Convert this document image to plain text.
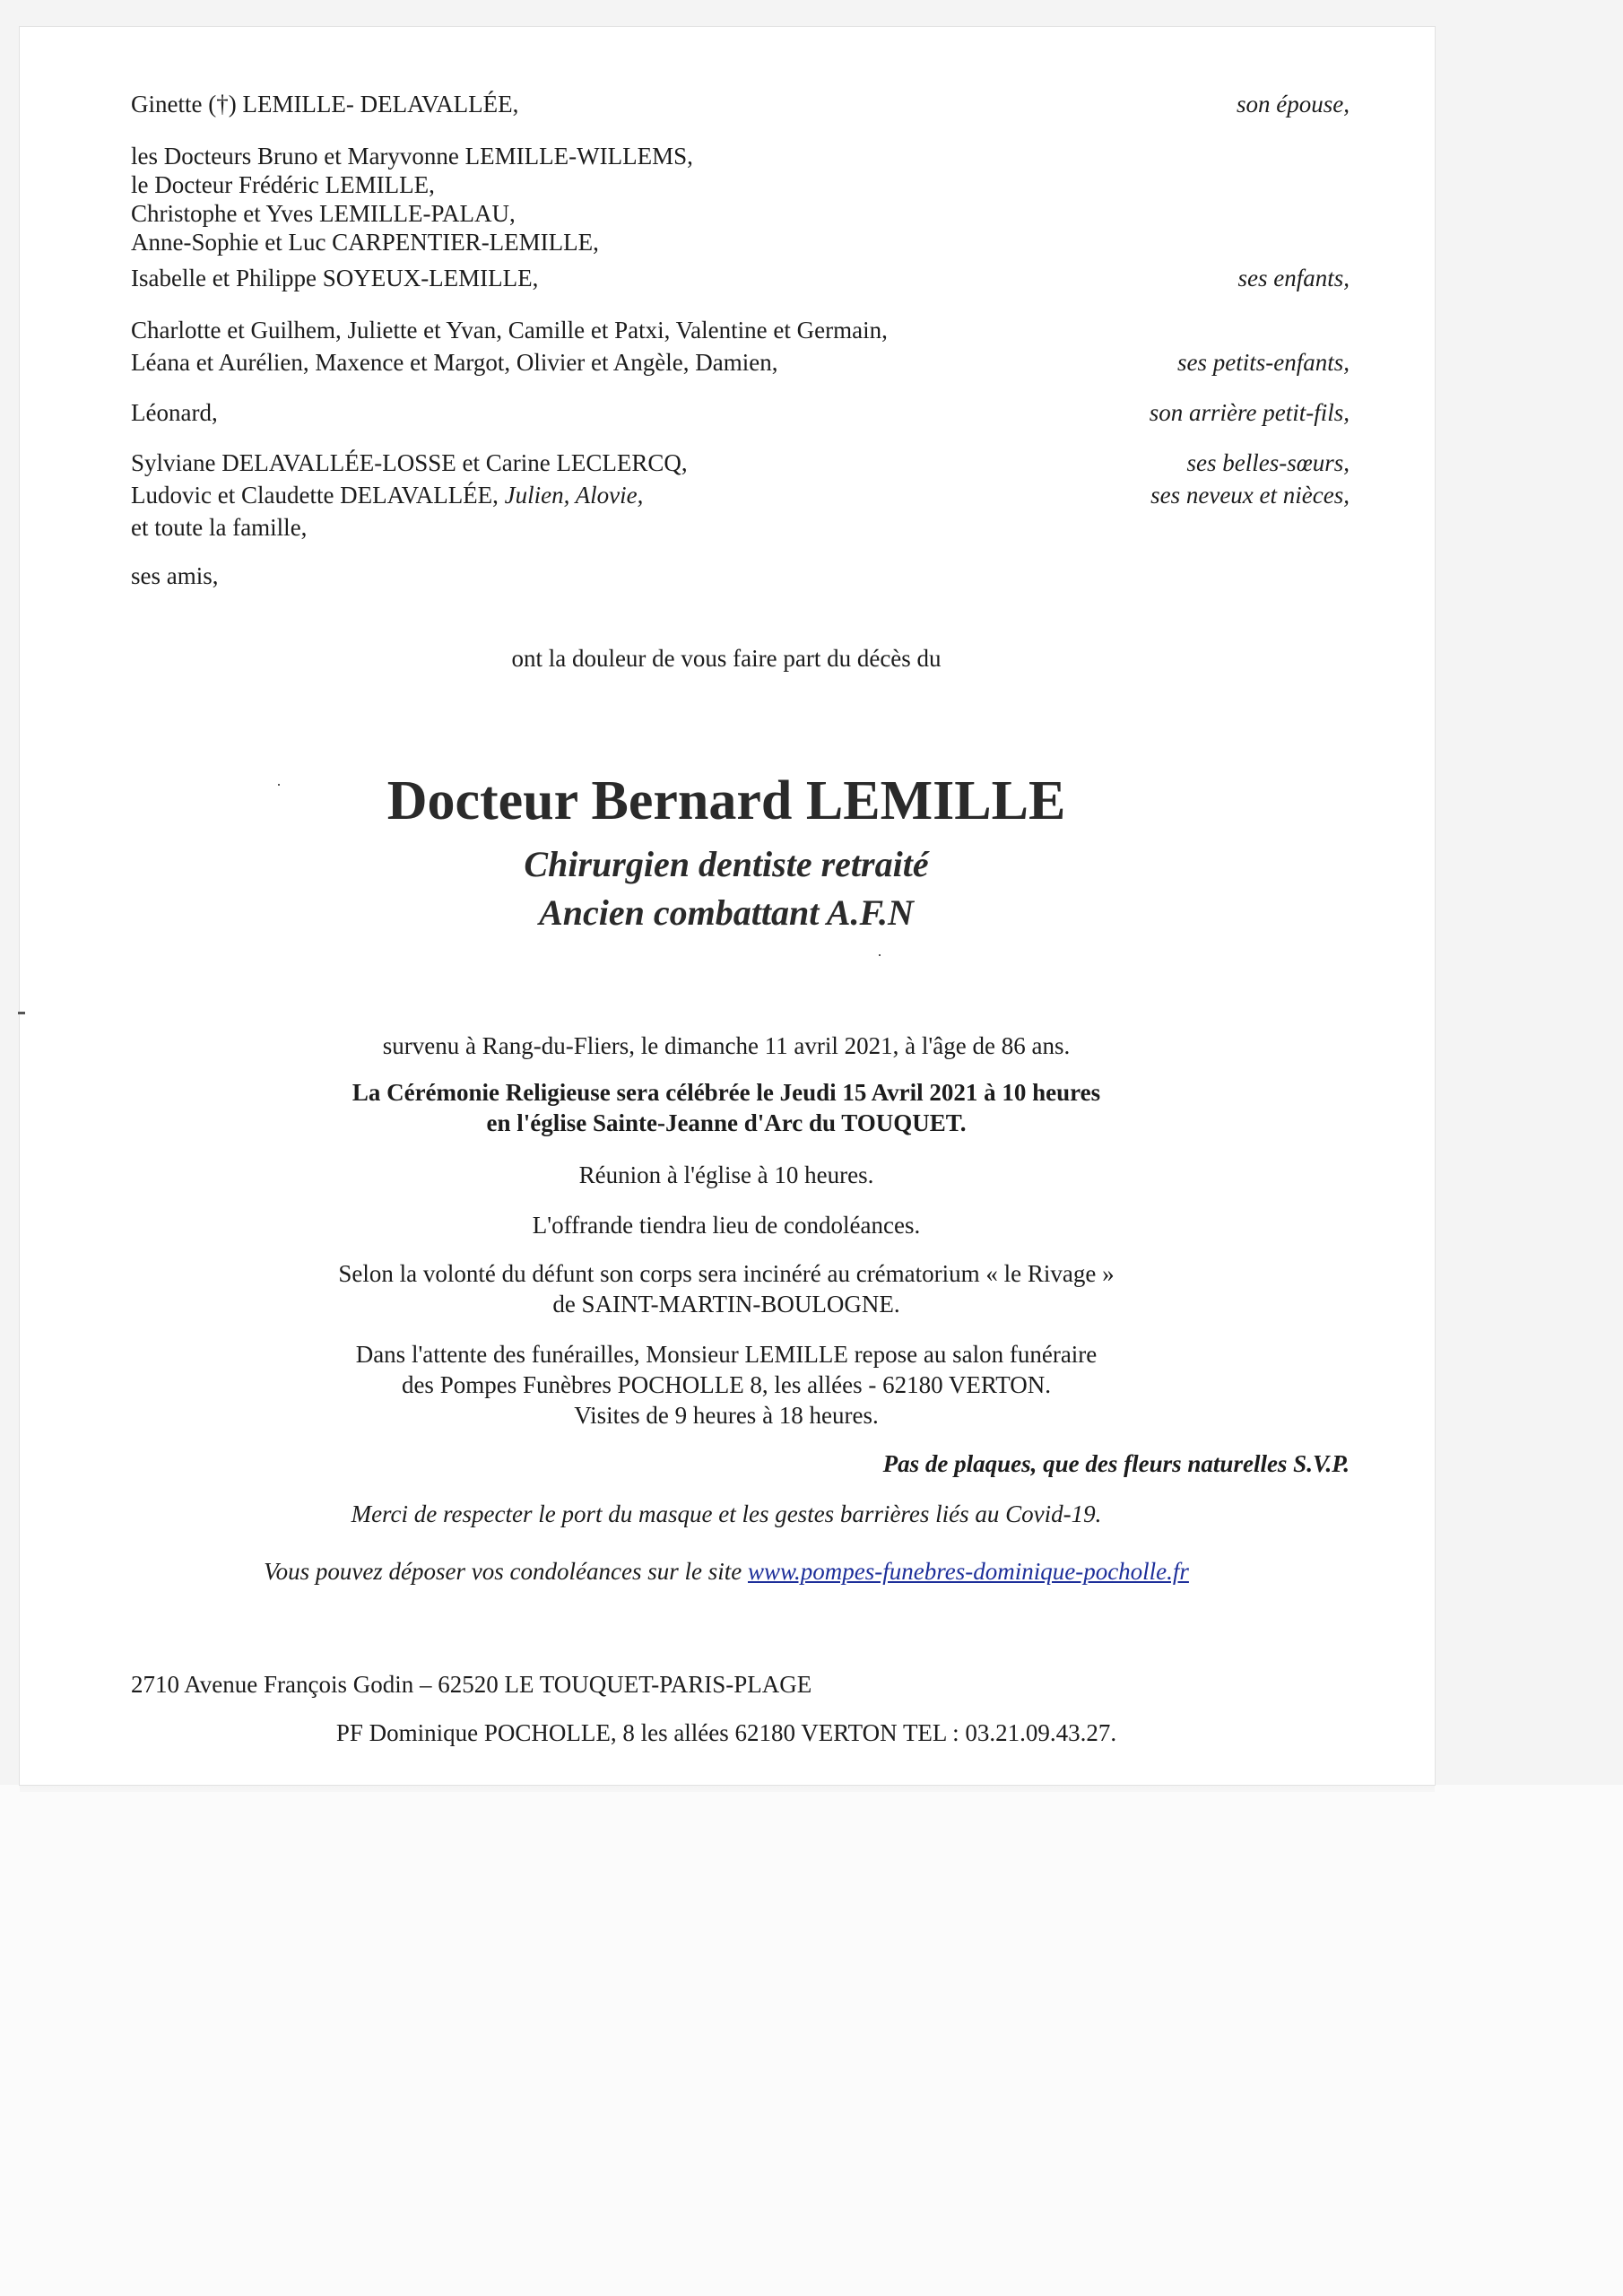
Ginette (†) LEMILLE- DELAVALLÉE,	son épouse,
les Docteurs Bruno et Maryvonne LEMILLE-WILLEMS,
le Docteur Frédéric LEMILLE,
Christophe et Yves LEMILLE-PALAU,
Anne-Sophie et Luc CARPENTIER-LEMILLE,
Isabelle et Philippe SOYEUX-LEMILLE,	ses enfants,
Charlotte et Guilhem, Juliette et Yvan, Camille et Patxi, Valentine et Germain,
Léana et Aurélien, Maxence et Margot, Olivier et Angèle, Damien,	ses petits-enfants,
Léonard,	son arrière petit-fils,
Sylviane DELAVALLÉE-LOSSE et Carine LECLERCQ,	ses belles-sœurs,
Ludovic et Claudette DELAVALLÉE, Julien, Alovie,	ses neveux et nièces,
et toute la famille,
ses amis,
ont la douleur de vous faire part du décès du
Docteur Bernard LEMILLE
Chirurgien dentiste retraité
Ancien combattant A.F.N
survenu à Rang-du-Fliers, le dimanche 11 avril 2021, à l'âge de 86 ans.
La Cérémonie Religieuse sera célébrée le Jeudi 15 Avril 2021 à 10 heures
en l'église Sainte-Jeanne d'Arc du TOUQUET.
Réunion à l'église à 10 heures.
L'offrande tiendra lieu de condoléances.
Selon la volonté du défunt son corps sera incinéré au crématorium « le Rivage »
de SAINT-MARTIN-BOULOGNE.
Dans l'attente des funérailles, Monsieur LEMILLE repose au salon funéraire
des Pompes Funèbres POCHOLLE 8, les allées - 62180 VERTON.
Visites de 9 heures à 18 heures.
Pas de plaques, que des fleurs naturelles S.V.P.
Merci de respecter le port du masque et les gestes barrières liés au Covid-19.
Vous pouvez déposer vos condoléances sur le site www.pompes-funebres-dominique-pocholle.fr
2710 Avenue François Godin – 62520 LE TOUQUET-PARIS-PLAGE
PF Dominique POCHOLLE, 8 les allées 62180 VERTON TEL : 03.21.09.43.27.
